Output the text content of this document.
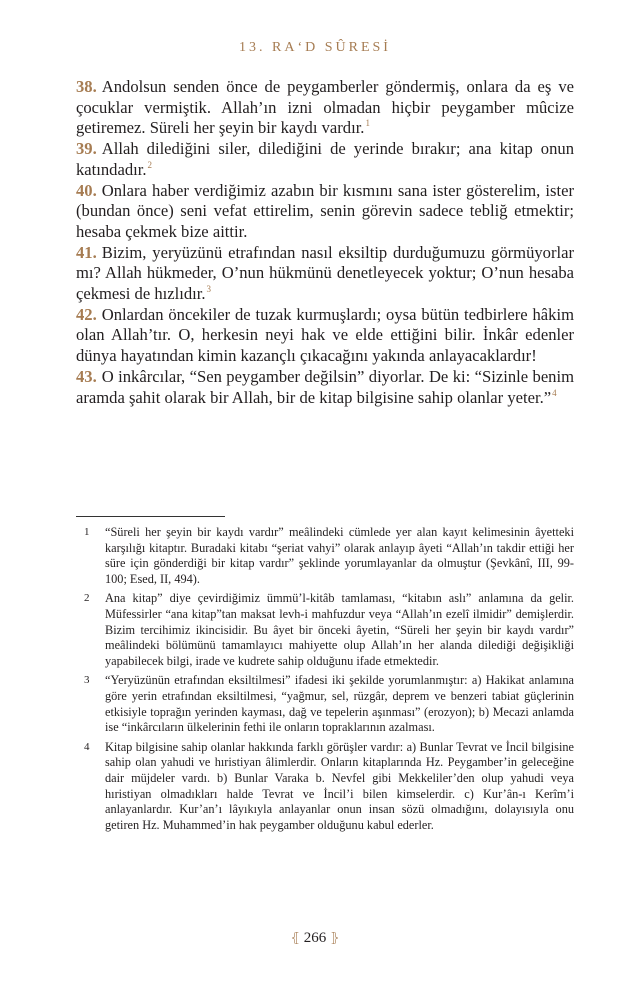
13. RA‘D SÛRESİ

38. Andolsun senden önce de peygamberler göndermiş, onlara da eş ve çocuklar vermiştik. Allah’ın izni olmadan hiçbir peygamber mûcize getiremez. Süreli her şeyin bir kaydı vardır.$^1$

39. Allah dilediğini siler, dilediğini de yerinde bırakır; ana kitap onun katındadır.$^2$

40. Onlara haber verdiğimiz azabın bir kısmını sana ister gösterelim, ister (bundan önce) seni vefat ettirelim, senin görevin sadece tebliğ etmektir; hesaba çekmek bize aittir.

41. Bizim, yeryüzünü etrafından nasıl eksiltip durduğumuzu görmüyorlar mı? Allah hükmeder, O’nun hükmünü denetleyecek yoktur; O’nun hesaba çekmesi de hızlıdır.$^3$

42. Onlardan öncekiler de tuzak kurmuşlardı; oysa bütün tedbirlere hâkim olan Allah’tır. O, herkesin neyi hak ve elde ettiğini bilir. İnkâr edenler dünya hayatından kimin kazançlı çıkacağını yakında anlayacaklardır!

43. O inkârcılar, “Sen peygamber değilsin” diyorlar. De ki: “Sizinle benim aramda şahit olarak bir Allah, bir de kitap bilgisine sahip olanlar yeter.”$^4$

1 “Süreli her şeyin bir kaydı vardır” meâlindeki cümlede yer alan kayıt kelimesinin âyetteki karşılığı kitaptır. Buradaki kitabı “şeriat vahyi” olarak anlayıp âyeti “Allah’ın takdir ettiği her süre için gönderdiği bir kitap vardır” şeklinde yorumlayanlar da olmuştur (Şevkânî, III, 99-100; Esed, II, 494).
2 Ana kitap” diye çevirdiğimiz ümmü’l-kitâb tamlaması, “kitabın aslı” anlamına da gelir. Müfessirler “ana kitap”tan maksat levh-i mahfuzdur veya “Allah’ın ezelî ilmidir” demişlerdir. Bizim tercihimiz ikincisidir. Bu âyet bir önceki âyetin, “Süreli her şeyin bir kaydı vardır” meâlindeki bölümünü tamamlayıcı mahiyette olup Allah’ın her alanda dilediği değişikliği yapabilecek bilgi, irade ve kudrete sahip olduğunu ifade etmektedir.
3 “Yeryüzünün etrafından eksiltilmesi” ifadesi iki şekilde yorumlanmıştır: a) Hakikat anlamına göre yerin etrafından eksiltilmesi, “yağmur, sel, rüzgâr, deprem ve benzeri tabiat güçlerinin etkisiyle toprağın yerinden kayması, dağ ve tepelerin aşınması” (erozyon); b) Mecazi anlamda ise “inkârcıların ülkelerinin fethi ile onların topraklarının azalması.
4 Kitap bilgisine sahip olanlar hakkında farklı görüşler vardır: a) Bunlar Tevrat ve İncil bilgisine sahip olan yahudi ve hıristiyan âlimlerdir. Onların kitaplarında Hz. Peygamber’in geleceğine dair müjdeler vardı. b) Bunlar Varaka b. Nevfel gibi Mekkeliler’den olup yahudi veya hıristiyan olmadıkları halde Tevrat ve İncil’i bilen kimselerdir. c) Kur’ân-ı Kerîm’i anlayanlardır. Kur’an’ı lâyıkıyla anlayanlar onun insan sözü olmadığını, dolayısıyla onu getiren Hz. Muhammed’in hak peygamber olduğunu kabul ederler.
⦃ 266 ⦄
